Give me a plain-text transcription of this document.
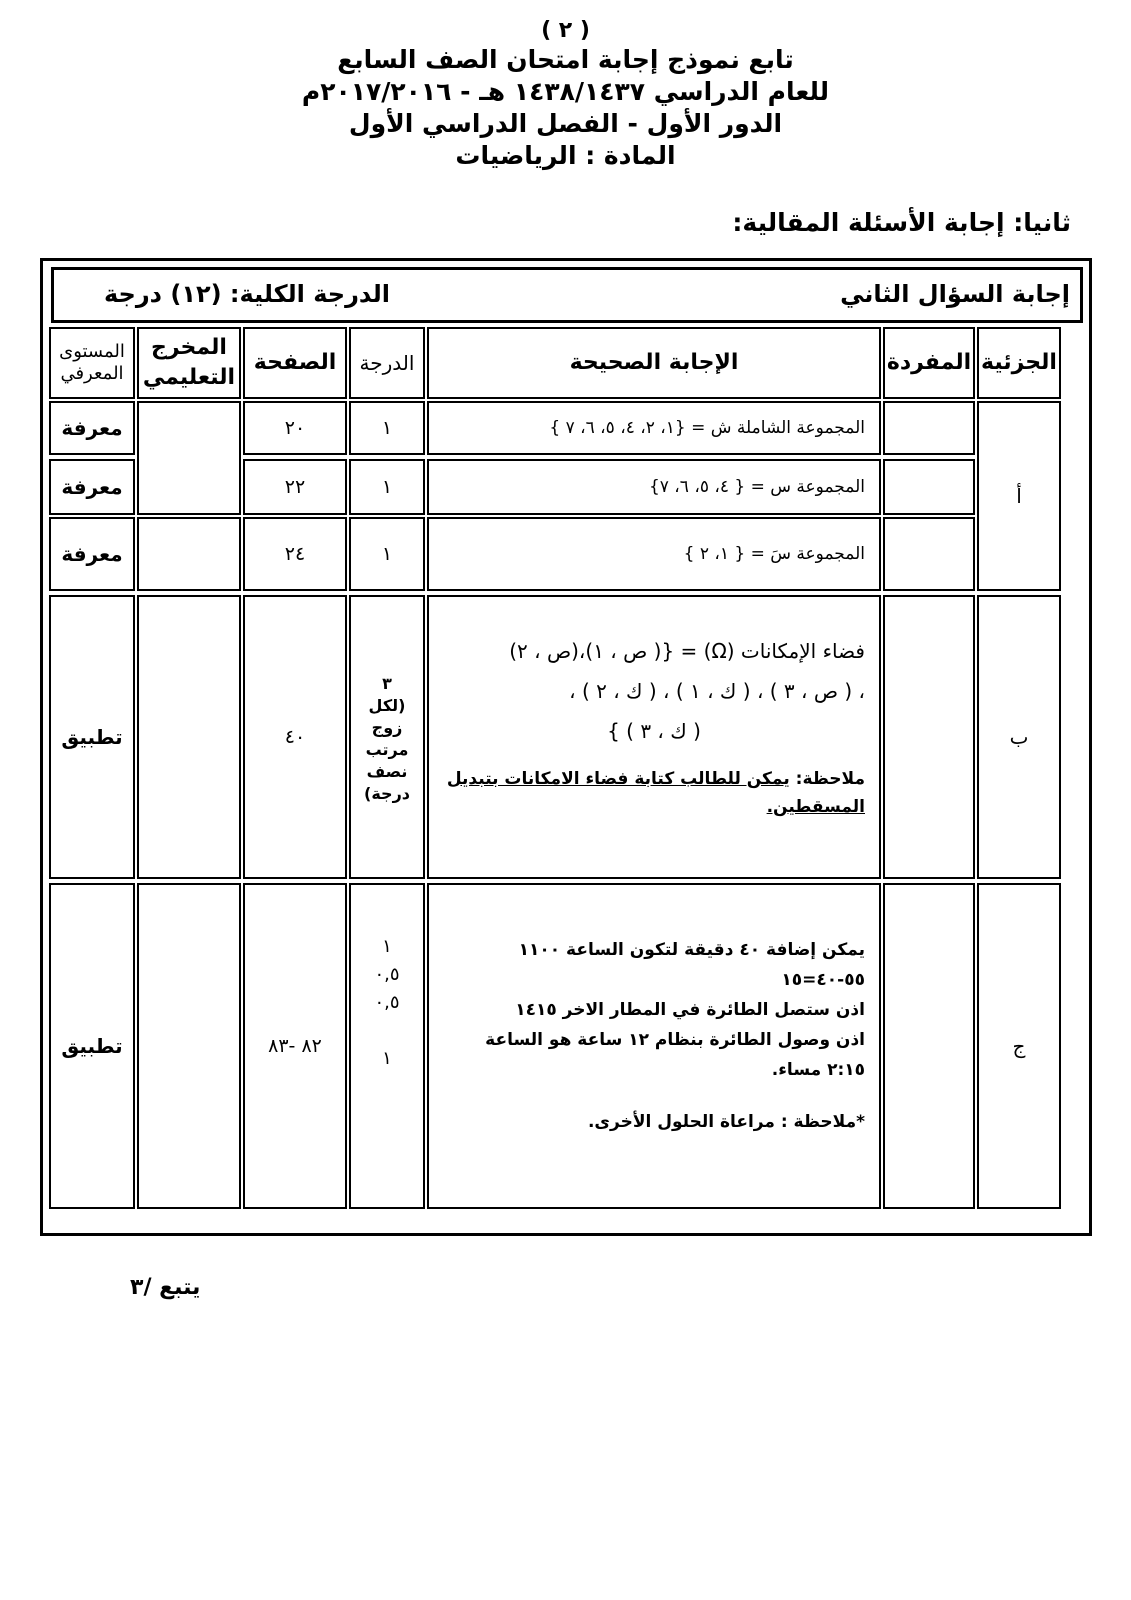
( ٢ )

تابع نموذج إجابة امتحان الصف السابع

للعام الدراسي ١٤٣٨/١٤٣٧ هـ - ٢٠١٧/٢٠١٦م

الدور الأول - الفصل الدراسي الأول

المادة : الرياضيات

ثانيا: إجابة الأسئلة المقالية:
إجابة السؤال الثاني
الدرجة الكلية: (١٢) درجة
الجزئية
المفردة
الإجابة الصحيحة
الدرجة
الصفحة
المخرج التعليمي
المستوى المعرفي
أ
المجموعة الشاملة ش = {١، ٢، ٤، ٥، ٦، ٧ }
١
٢٠
معرفة
المجموعة س = { ٤، ٥، ٦، ٧}
١
٢٢
معرفة
المجموعة سَ = { ١، ٢ }
١
٢٤
معرفة
ب
فضاء الإمكانات (Ω) = {( ص ، ١)،(ص ، ٢)
، ( ص ، ٣ ) ، ( ك ، ١ ) ، ( ك ، ٢ ) ،
( ك ، ٣ ) }
ملاحظة: يمكن للطالب كتابة فضاء الامكانات بتبديل المسقطين.
٣
(لكل
زوج
مرتب
نصف
درجة)
٤٠
تطبيق
ج
يمكن إضافة ٤٠ دقيقة لتكون الساعة ١١٠٠
٥٥-٤٠=١٥
اذن ستصل الطائرة في المطار الاخر ١٤١٥
اذن وصول الطائرة بنظام ١٢ ساعة هو الساعة
٢:١٥ مساء.
*ملاحظة : مراعاة الحلول الأخرى.
١
٠,٥
٠,٥
١
٨٢ -٨٣
تطبيق
يتبع /٣
